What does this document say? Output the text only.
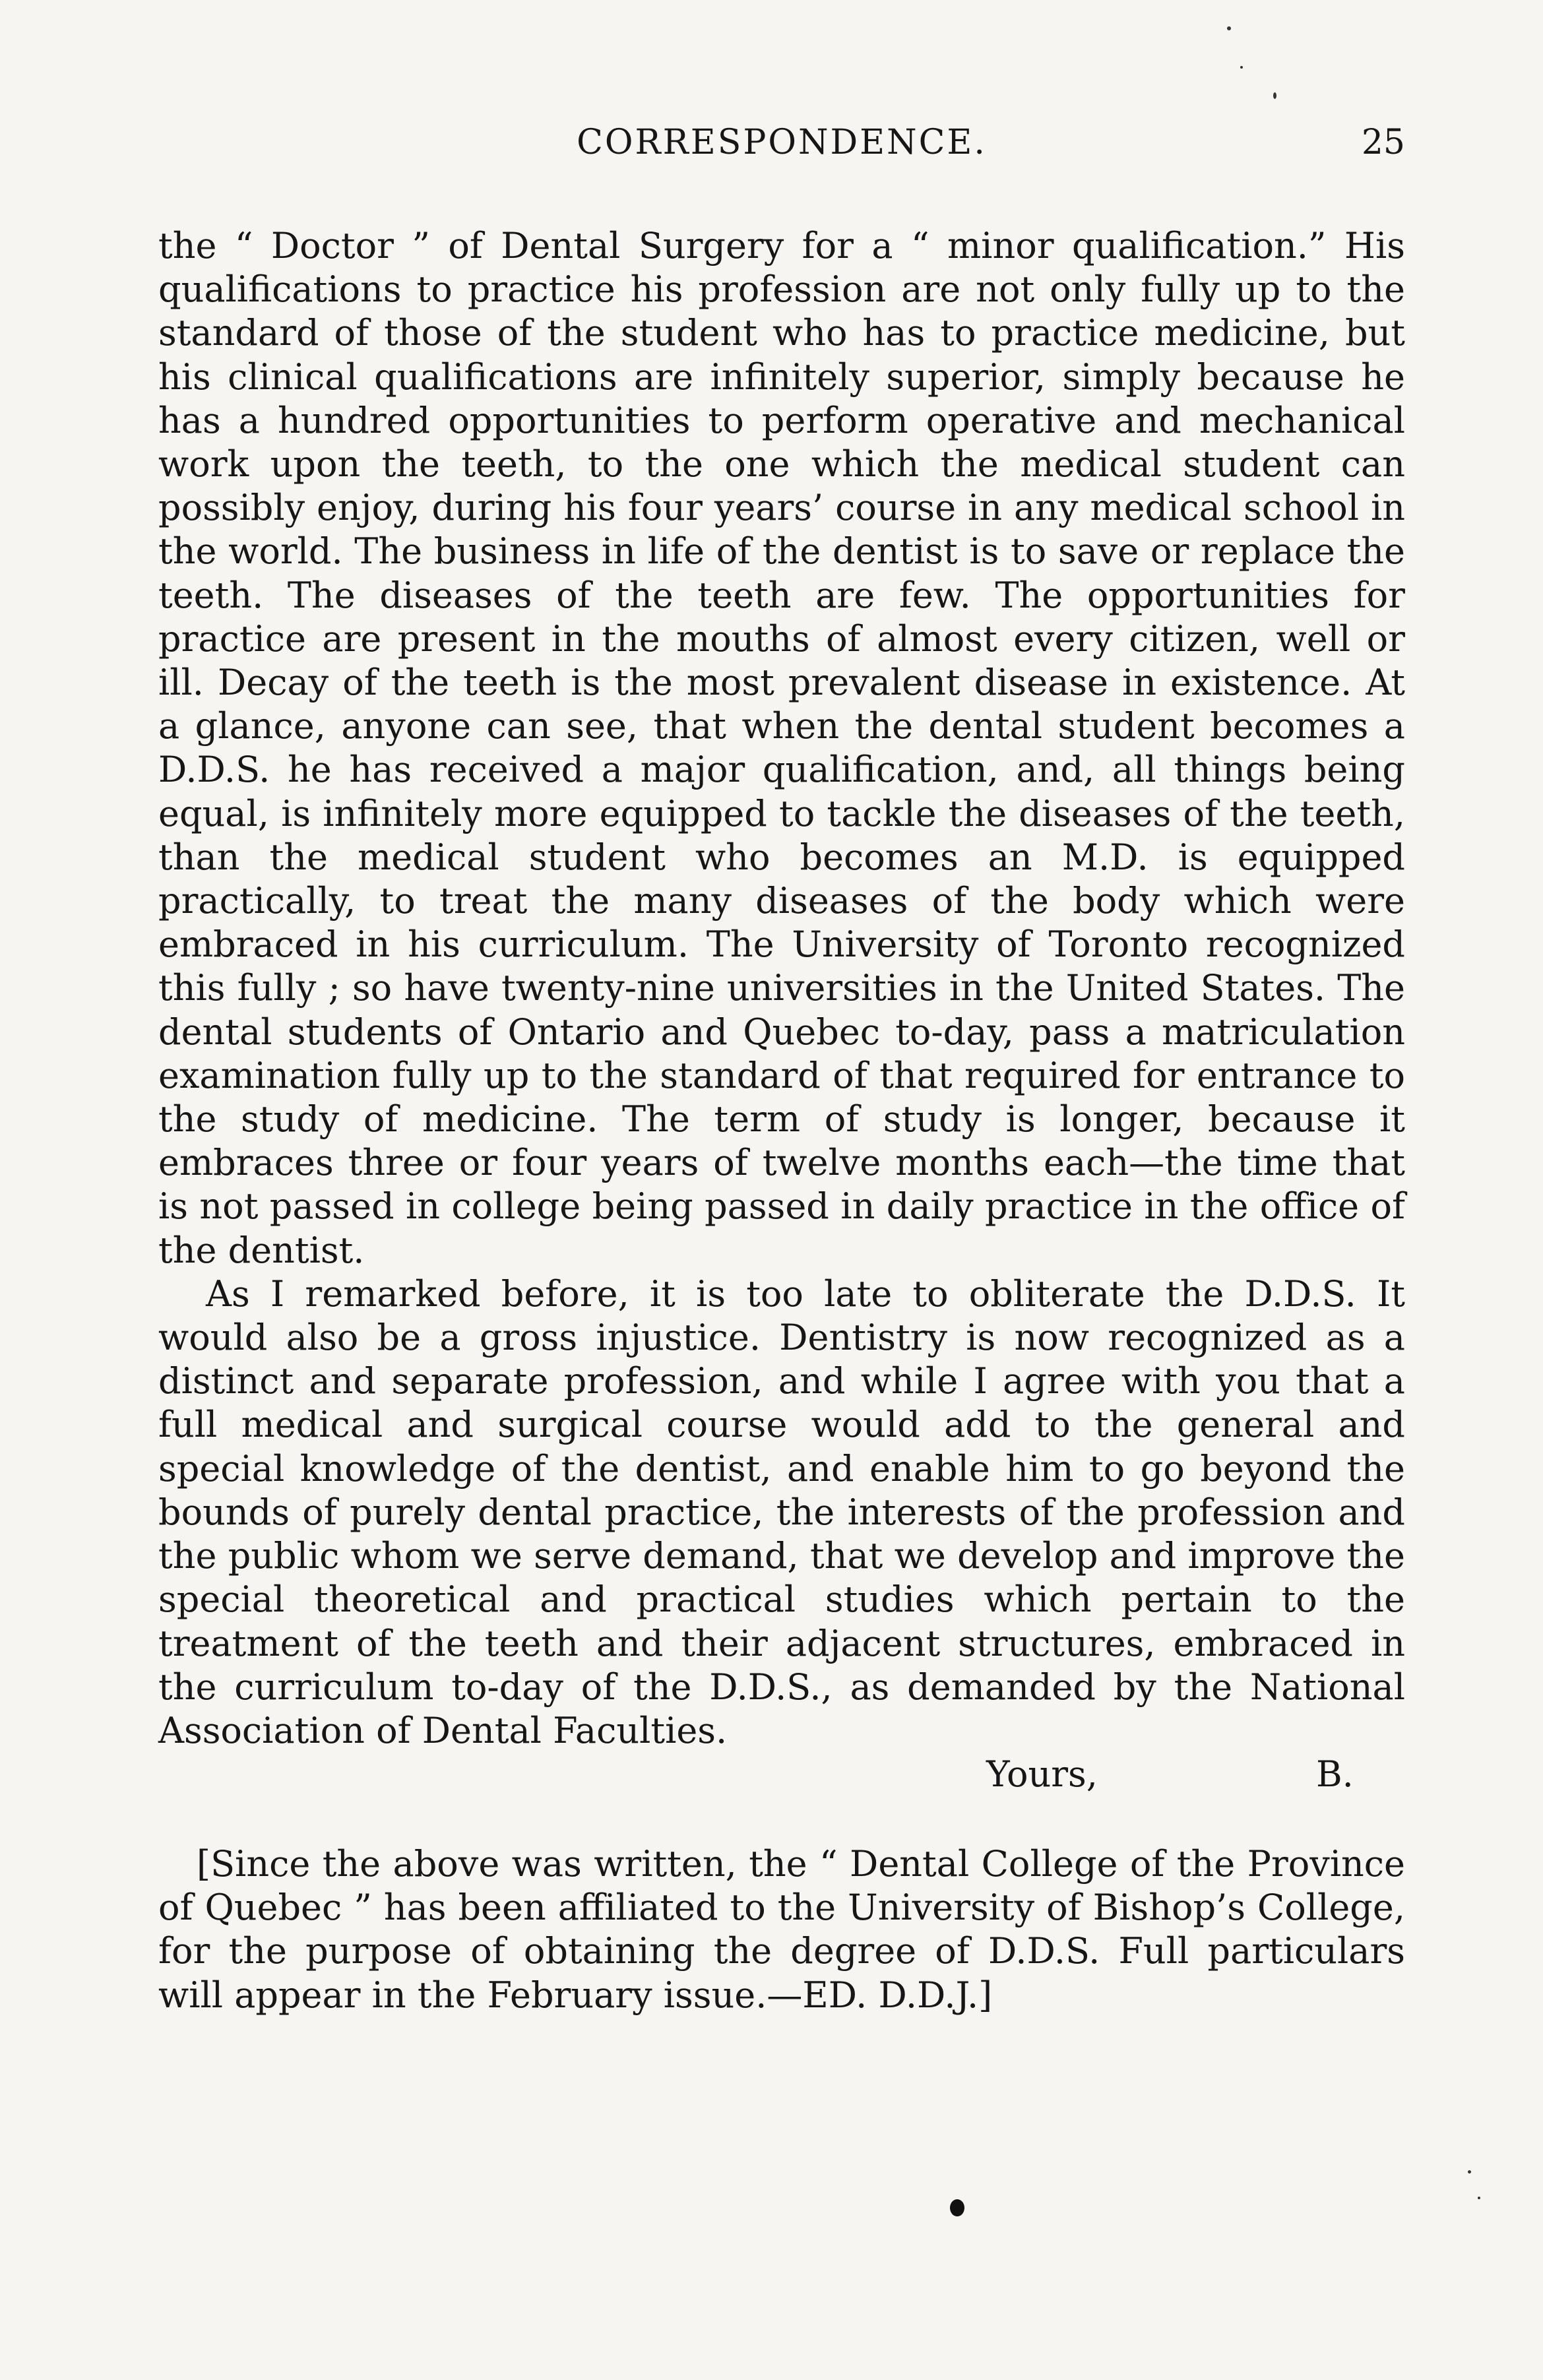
CORRESPONDENCE.	25

the “ Doctor ” of Dental Surgery for a “ minor qualification.” His qualifications to practice his profession are not only fully up to the standard of those of the student who has to practice medicine, but his clinical qualifications are infinitely superior, simply because he has a hundred opportunities to perform operative and mechanical work upon the teeth, to the one which the medical student can possibly enjoy, during his four years’ course in any medical school in the world. The business in life of the dentist is to save or replace the teeth. The diseases of the teeth are few. The opportunities for practice are present in the mouths of almost every citizen, well or ill. Decay of the teeth is the most prevalent disease in existence. At a glance, anyone can see, that when the dental student becomes a D.D.S. he has received a major qualification, and, all things being equal, is infinitely more equipped to tackle the diseases of the teeth, than the medical student who becomes an M.D. is equipped practically, to treat the many diseases of the body which were embraced in his curriculum. The University of Toronto recognized this fully ; so have twenty-nine universities in the United States. The dental students of Ontario and Quebec to-day, pass a matriculation examination fully up to the standard of that required for entrance to the study of medicine. The term of study is longer, because it embraces three or four years of twelve months each—the time that is not passed in college being passed in daily practice in the office of the dentist.

As I remarked before, it is too late to obliterate the D.D.S. It would also be a gross injustice. Dentistry is now recognized as a distinct and separate profession, and while I agree with you that a full medical and surgical course would add to the general and special knowledge of the dentist, and enable him to go beyond the bounds of purely dental practice, the interests of the profession and the public whom we serve demand, that we develop and improve the special theoretical and practical studies which pertain to the treatment of the teeth and their adjacent structures, embraced in the curriculum to-day of the D.D.S., as demanded by the National Association of Dental Faculties.

Yours,	B.

[Since the above was written, the “ Dental College of the Province of Quebec ” has been affiliated to the University of Bishop’s College, for the purpose of obtaining the degree of D.D.S. Full particulars will appear in the February issue.—ED. D.D.J.]
